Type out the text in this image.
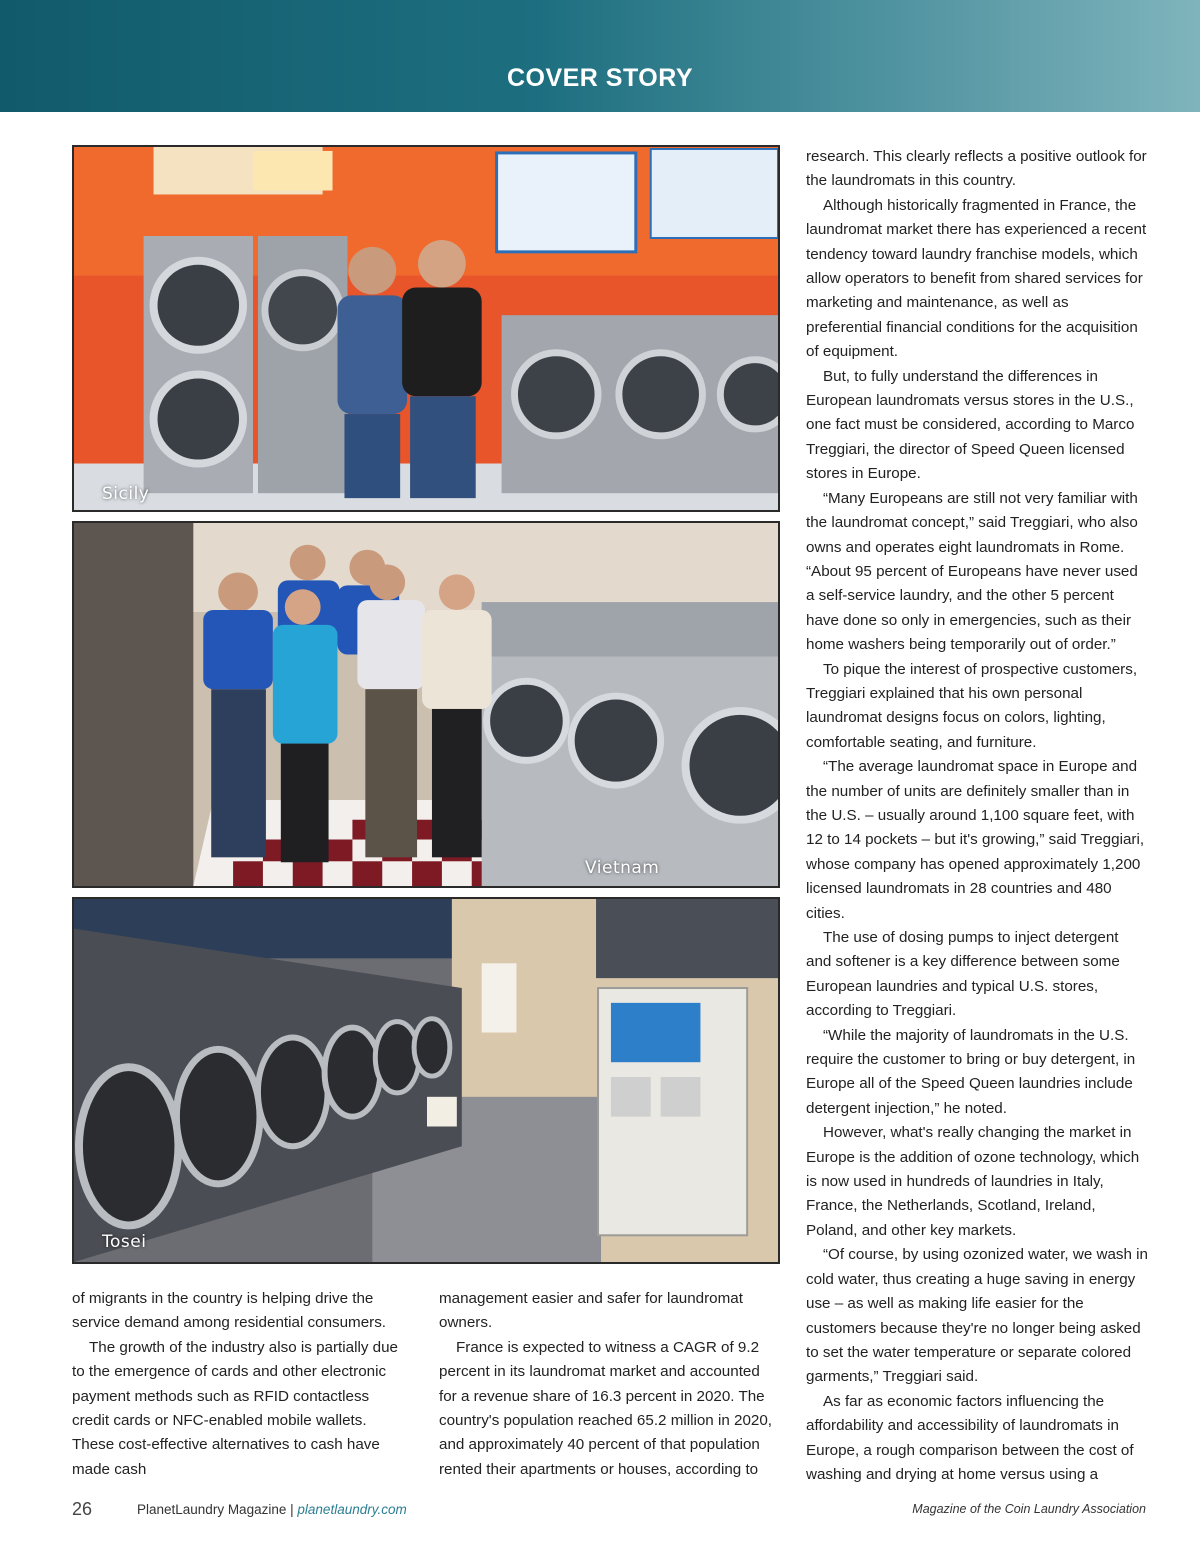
COVER STORY
Sicily
Vietnam
Tosei

of migrants in the country is helping drive the service demand among residential consumers.

The growth of the industry also is partially due to the emergence of cards and other electronic payment methods such as RFID contactless credit cards or NFC-enabled mobile wallets. These cost-effective alternatives to cash have made cash

management easier and safer for laundromat owners.

France is expected to witness a CAGR of 9.2 percent in its laundromat market and accounted for a revenue share of 16.3 percent in 2020. The country's population reached 65.2 million in 2020, and approximately 40 percent of that population rented their apartments or houses, according to

research. This clearly reflects a positive outlook for the laundromats in this country.

Although historically fragmented in France, the laundromat market there has experienced a recent tendency toward laundry franchise models, which allow operators to benefit from shared services for marketing and maintenance, as well as preferential financial conditions for the acquisition of equipment.

But, to fully understand the differences in European laundromats versus stores in the U.S., one fact must be considered, according to Marco Treggiari, the director of Speed Queen licensed stores in Europe.

“Many Europeans are still not very familiar with the laundromat concept,” said Treggiari, who also owns and operates eight laundromats in Rome. “About 95 percent of Europeans have never used a self-service laundry, and the other 5 percent have done so only in emergencies, such as their home washers being temporarily out of order.”

To pique the interest of prospective customers, Treggiari explained that his own personal laundromat designs focus on colors, lighting, comfortable seating, and furniture.

“The average laundromat space in Europe and the number of units are definitely smaller than in the U.S. – usually around 1,100 square feet, with 12 to 14 pockets – but it's growing,” said Treggiari, whose company has opened approximately 1,200 licensed laundromats in 28 countries and 480 cities.

The use of dosing pumps to inject detergent and softener is a key difference between some European laundries and typical U.S. stores, according to Treggiari.

“While the majority of laundromats in the U.S. require the customer to bring or buy detergent, in Europe all of the Speed Queen laundries include detergent injection,” he noted.

However, what's really changing the market in Europe is the addition of ozone technology, which is now used in hundreds of laundries in Italy, France, the Netherlands, Scotland, Ireland, Poland, and other key markets.

“Of course, by using ozonized water, we wash in cold water, thus creating a huge saving in energy use – as well as making life easier for the customers because they're no longer being asked to set the water temperature or separate colored garments,” Treggiari said.

As far as economic factors influencing the affordability and accessibility of laundromats in Europe, a rough comparison between the cost of washing and drying at home versus using a

26	PlanetLaundry Magazine | planetlaundry.com	Magazine of the Coin Laundry Association
